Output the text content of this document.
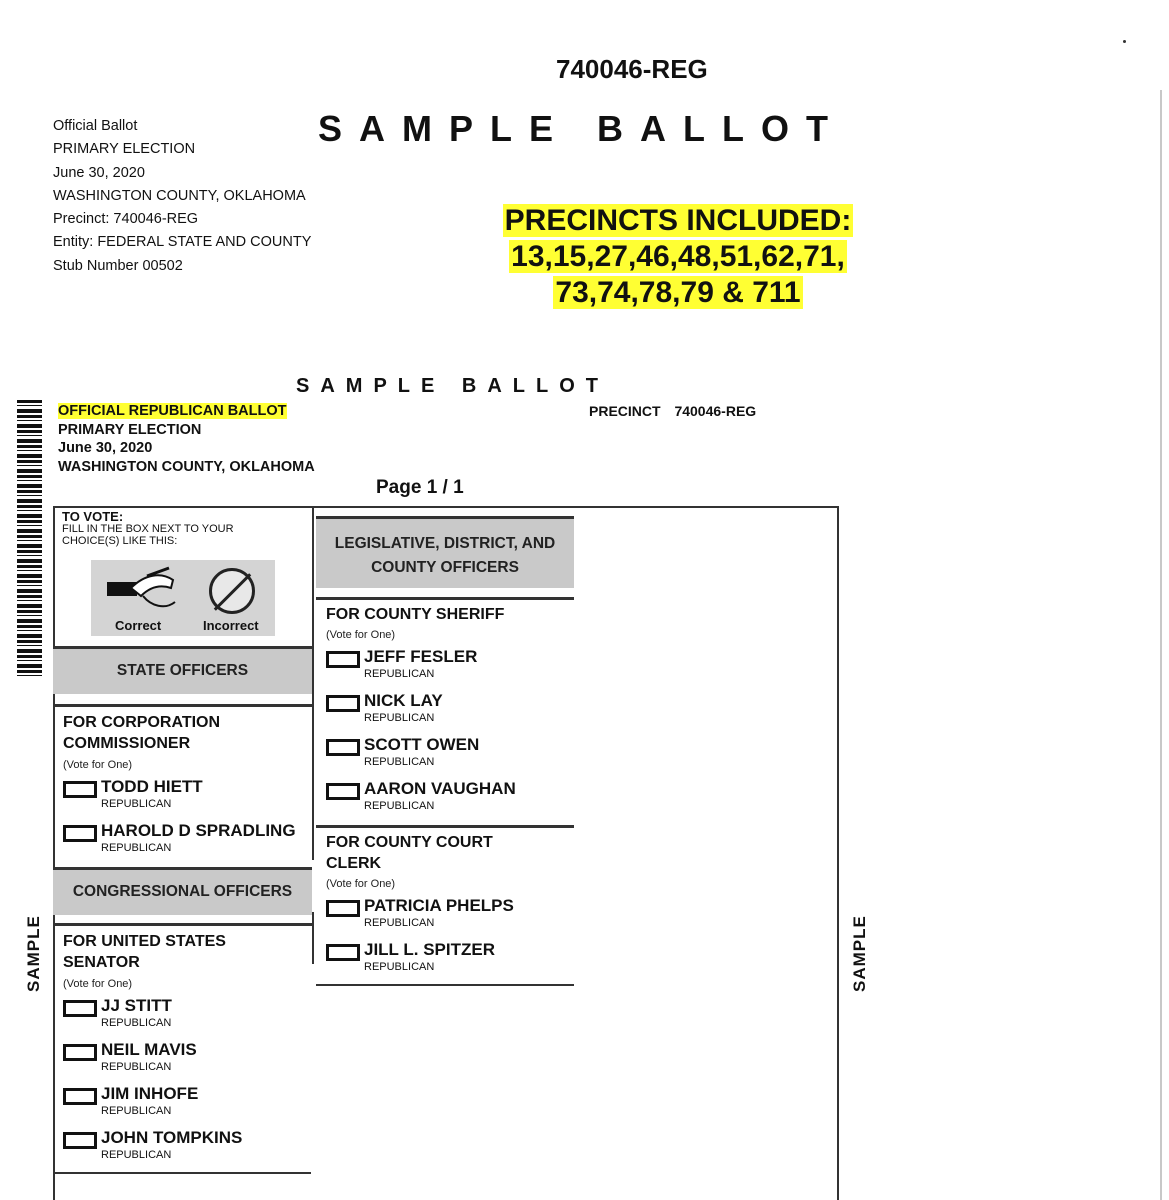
740046-REG
SAMPLE BALLOT
Official Ballot
PRIMARY ELECTION
June 30, 2020
WASHINGTON COUNTY, OKLAHOMA
Precinct: 740046-REG
Entity: FEDERAL STATE AND COUNTY
Stub Number 00502
PRECINCTS INCLUDED:
13,15,27,46,48,51,62,71,
73,74,78,79 & 711
SAMPLE BALLOT
OFFICIAL REPUBLICAN BALLOT
PRIMARY ELECTION
June 30, 2020
WASHINGTON COUNTY, OKLAHOMA
PRECINCT 740046-REG
Page 1 / 1
SAMPLE	SAMPLE
TO VOTE:
FILL IN THE BOX NEXT TO YOUR
CHOICE(S) LIKE THIS:
Correct	Incorrect
STATE OFFICERS
FOR CORPORATION
COMMISSIONER
(Vote for One)
TODD HIETT
REPUBLICAN
HAROLD D SPRADLING
REPUBLICAN
CONGRESSIONAL OFFICERS
FOR UNITED STATES
SENATOR
(Vote for One)
JJ STITT
REPUBLICAN
NEIL MAVIS
REPUBLICAN
JIM INHOFE
REPUBLICAN
JOHN TOMPKINS
REPUBLICAN
LEGISLATIVE, DISTRICT, AND
COUNTY OFFICERS
FOR COUNTY SHERIFF
(Vote for One)
JEFF FESLER
REPUBLICAN
NICK LAY
REPUBLICAN
SCOTT OWEN
REPUBLICAN
AARON VAUGHAN
REPUBLICAN
FOR COUNTY COURT
CLERK
(Vote for One)
PATRICIA PHELPS
REPUBLICAN
JILL L. SPITZER
REPUBLICAN
